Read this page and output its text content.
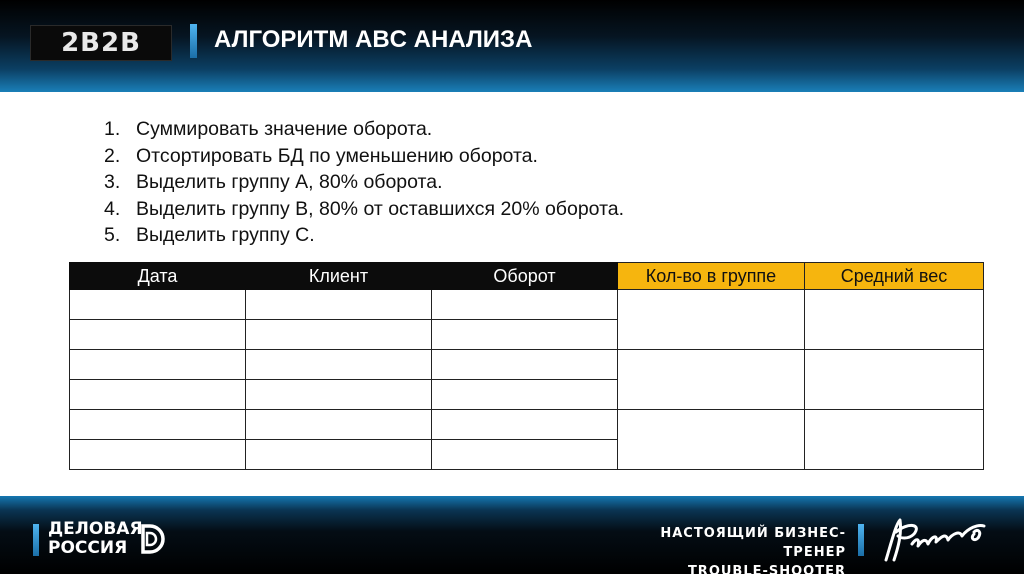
2B2B	АЛГОРИТМ ABC АНАЛИЗА
1. Суммировать значение оборота.
2. Отсортировать БД по уменьшению оборота.
3. Выделить группу А, 80% оборота.
4. Выделить группу В, 80% от оставшихся 20% оборота.
5. Выделить группу С.
Дата	Клиент	Оборот	Кол-во в группе	Средний вес

ДЕЛОВАЯ
РОССИЯ
НАСТОЯЩИЙ БИЗНЕС-ТРЕНЕР
TROUBLE-SHOOTER
